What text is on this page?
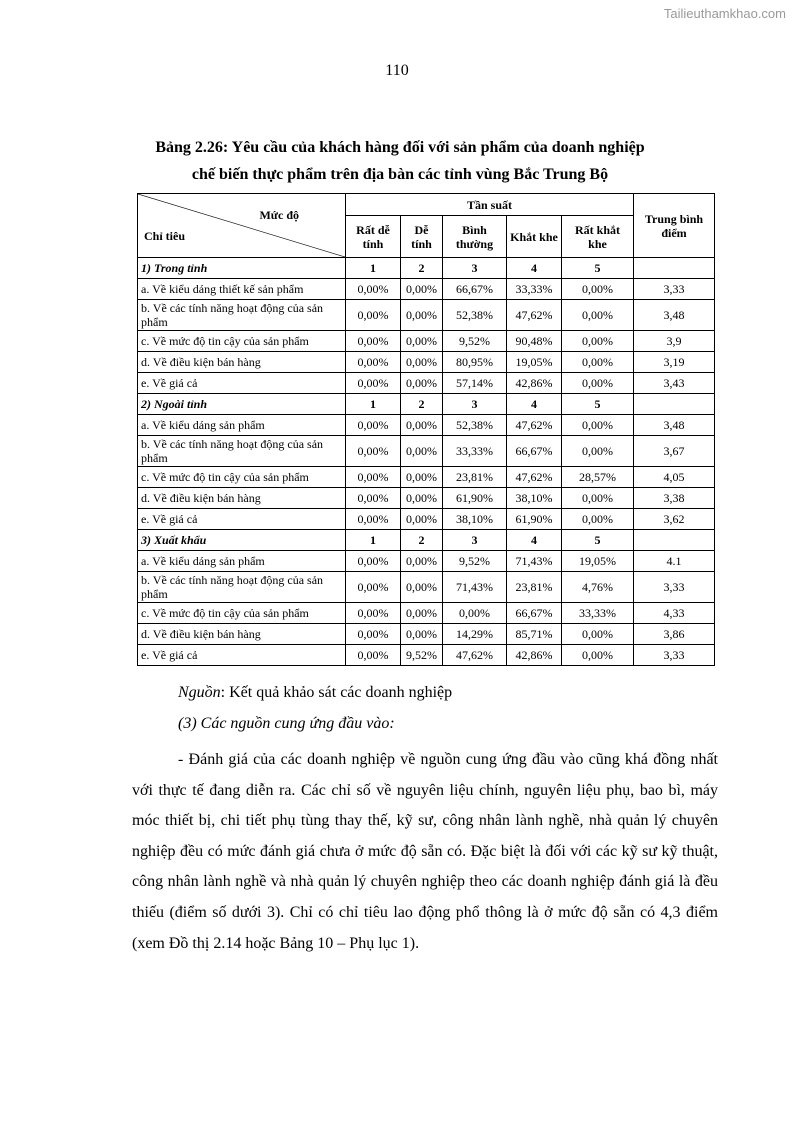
Tailieuthamkhao.com
110
Bảng 2.26: Yêu cầu của khách hàng đối với sản phẩm của doanh nghiệp
chế biến thực phẩm trên địa bàn các tỉnh vùng Bắc Trung Bộ
Mức độ
Chỉ tiêu	Tần suất					Trung bình điểm
	Rất dễ tính	Dễ tính	Bình thường	Khắt khe	Rất khắt khe	
1) Trong tỉnh	1	2	3	4	5	
a. Về kiểu dáng thiết kế sản phẩm	0,00%	0,00%	66,67%	33,33%	0,00%	3,33
b. Về các tính năng hoạt động của sản phẩm	0,00%	0,00%	52,38%	47,62%	0,00%	3,48
c. Về mức độ tin cậy của sản phẩm	0,00%	0,00%	9,52%	90,48%	0,00%	3,9
d. Về điều kiện bán hàng	0,00%	0,00%	80,95%	19,05%	0,00%	3,19
e. Về giá cả	0,00%	0,00%	57,14%	42,86%	0,00%	3,43
2) Ngoài tỉnh	1	2	3	4	5	
a. Về kiểu dáng sản phẩm	0,00%	0,00%	52,38%	47,62%	0,00%	3,48
b. Về các tính năng hoạt động của sản phẩm	0,00%	0,00%	33,33%	66,67%	0,00%	3,67
c. Về mức độ tin cậy của sản phẩm	0,00%	0,00%	23,81%	47,62%	28,57%	4,05
d. Về điều kiện bán hàng	0,00%	0,00%	61,90%	38,10%	0,00%	3,38
e. Về giá cả	0,00%	0,00%	38,10%	61,90%	0,00%	3,62
3) Xuất khẩu	1	2	3	4	5	
a. Về kiểu dáng sản phẩm	0,00%	0,00%	9,52%	71,43%	19,05%	4.1
b. Về các tính năng hoạt động của sản phẩm	0,00%	0,00%	71,43%	23,81%	4,76%	3,33
c. Về mức độ tin cậy của sản phẩm	0,00%	0,00%	0,00%	66,67%	33,33%	4,33
d. Về điều kiện bán hàng	0,00%	0,00%	14,29%	85,71%	0,00%	3,86
e. Về giá cả	0,00%	9,52%	47,62%	42,86%	0,00%	3,33
Nguồn: Kết quả khảo sát các doanh nghiệp
(3) Các nguồn cung ứng đầu vào:
- Đánh giá của các doanh nghiệp về nguồn cung ứng đầu vào cũng khá đồng nhất với thực tế đang diễn ra. Các chỉ số về nguyên liệu chính, nguyên liệu phụ, bao bì, máy móc thiết bị, chi tiết phụ tùng thay thế, kỹ sư, công nhân lành nghề, nhà quản lý chuyên nghiệp đều có mức đánh giá chưa ở mức độ sẵn có. Đặc biệt là đối với các kỹ sư kỹ thuật, công nhân lành nghề và nhà quản lý chuyên nghiệp theo các doanh nghiệp đánh giá là đều thiếu (điểm số dưới 3). Chỉ có chỉ tiêu lao động phổ thông là ở mức độ sẵn có 4,3 điểm (xem Đồ thị 2.14 hoặc Bảng 10 – Phụ lục 1).
